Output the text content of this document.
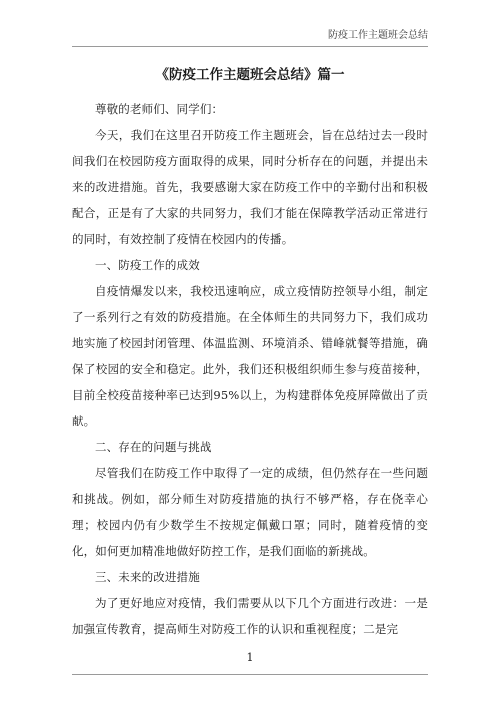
防疫工作主题班会总结
《防疫工作主题班会总结》篇一

尊敬的老师们、同学们：

今天，我们在这里召开防疫工作主题班会，旨在总结过去一段时间我们在校园防疫方面取得的成果，同时分析存在的问题，并提出未来的改进措施。首先，我要感谢大家在防疫工作中的辛勤付出和积极配合，正是有了大家的共同努力，我们才能在保障教学活动正常进行的同时，有效控制了疫情在校园内的传播。

一、防疫工作的成效

自疫情爆发以来，我校迅速响应，成立疫情防控领导小组，制定了一系列行之有效的防疫措施。在全体师生的共同努力下，我们成功地实施了校园封闭管理、体温监测、环境消杀、错峰就餐等措施，确保了校园的安全和稳定。此外，我们还积极组织师生参与疫苗接种，目前全校疫苗接种率已达到95%以上，为构建群体免疫屏障做出了贡献。

二、存在的问题与挑战

尽管我们在防疫工作中取得了一定的成绩，但仍然存在一些问题和挑战。例如，部分师生对防疫措施的执行不够严格，存在侥幸心理；校园内仍有少数学生不按规定佩戴口罩；同时，随着疫情的变化，如何更加精准地做好防控工作，是我们面临的新挑战。

三、未来的改进措施

为了更好地应对疫情，我们需要从以下几个方面进行改进：一是加强宣传教育，提高师生对防疫工作的认识和重视程度；二是完

1
